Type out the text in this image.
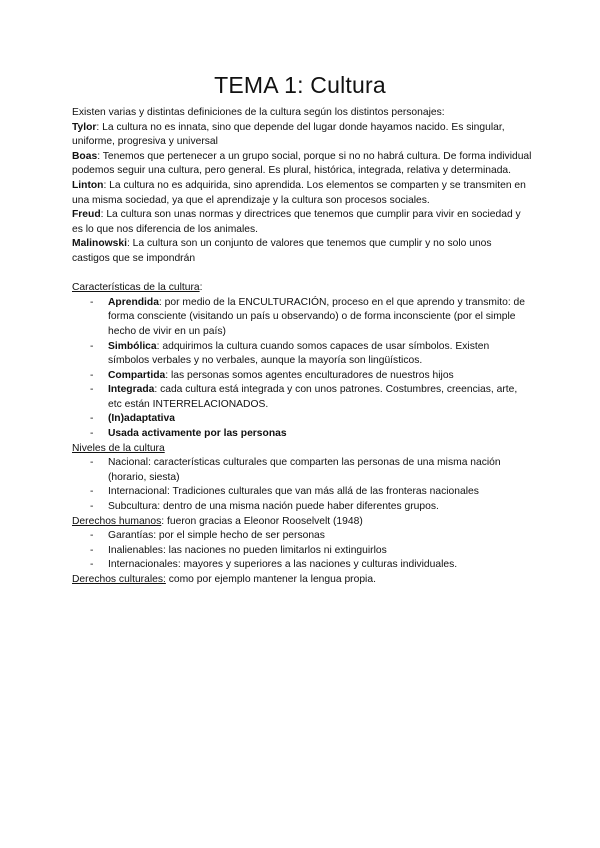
TEMA 1: Cultura

Existen varias y distintas definiciones de la cultura según los distintos personajes:

Tylor: La cultura no es innata, sino que depende del lugar donde hayamos nacido. Es singular, uniforme, progresiva y universal

Boas: Tenemos que pertenecer a un grupo social, porque si no no habrá cultura. De forma individual podemos seguir una cultura, pero general. Es plural, histórica, integrada, relativa y determinada.

Linton: La cultura no es adquirida, sino aprendida. Los elementos se comparten y se transmiten en una misma sociedad, ya que el aprendizaje y la cultura son procesos sociales.

Freud: La cultura son unas normas y directrices que tenemos que cumplir para vivir en sociedad y es lo que nos diferencia de los animales.

Malinowski: La cultura son un conjunto de valores que tenemos que cumplir y no solo unos castigos que se impondrán

Características de la cultura:

- Aprendida: por medio de la ENCULTURACIÓN, proceso en el que aprendo y transmito: de forma consciente (visitando un país u observando) o de forma inconsciente (por el simple hecho de vivir en un país)
- Simbólica: adquirimos la cultura cuando somos capaces de usar símbolos. Existen símbolos verbales y no verbales, aunque la mayoría son lingüísticos.
- Compartida: las personas somos agentes enculturadores de nuestros hijos
- Integrada: cada cultura está integrada y con unos patrones. Costumbres, creencias, arte, etc están INTERRELACIONADOS.
- (In)adaptativa
- Usada activamente por las personas

Niveles de la cultura

- Nacional: características culturales que comparten las personas de una misma nación (horario, siesta)
- Internacional: Tradiciones culturales que van más allá de las fronteras nacionales
- Subcultura: dentro de una misma nación puede haber diferentes grupos.

Derechos humanos: fueron gracias a Eleonor Rooselvelt (1948)

- Garantías: por el simple hecho de ser personas
- Inalienables: las naciones no pueden limitarlos ni extinguirlos
- Internacionales: mayores y superiores a las naciones y culturas individuales.

Derechos culturales: como por ejemplo mantener la lengua propia.
